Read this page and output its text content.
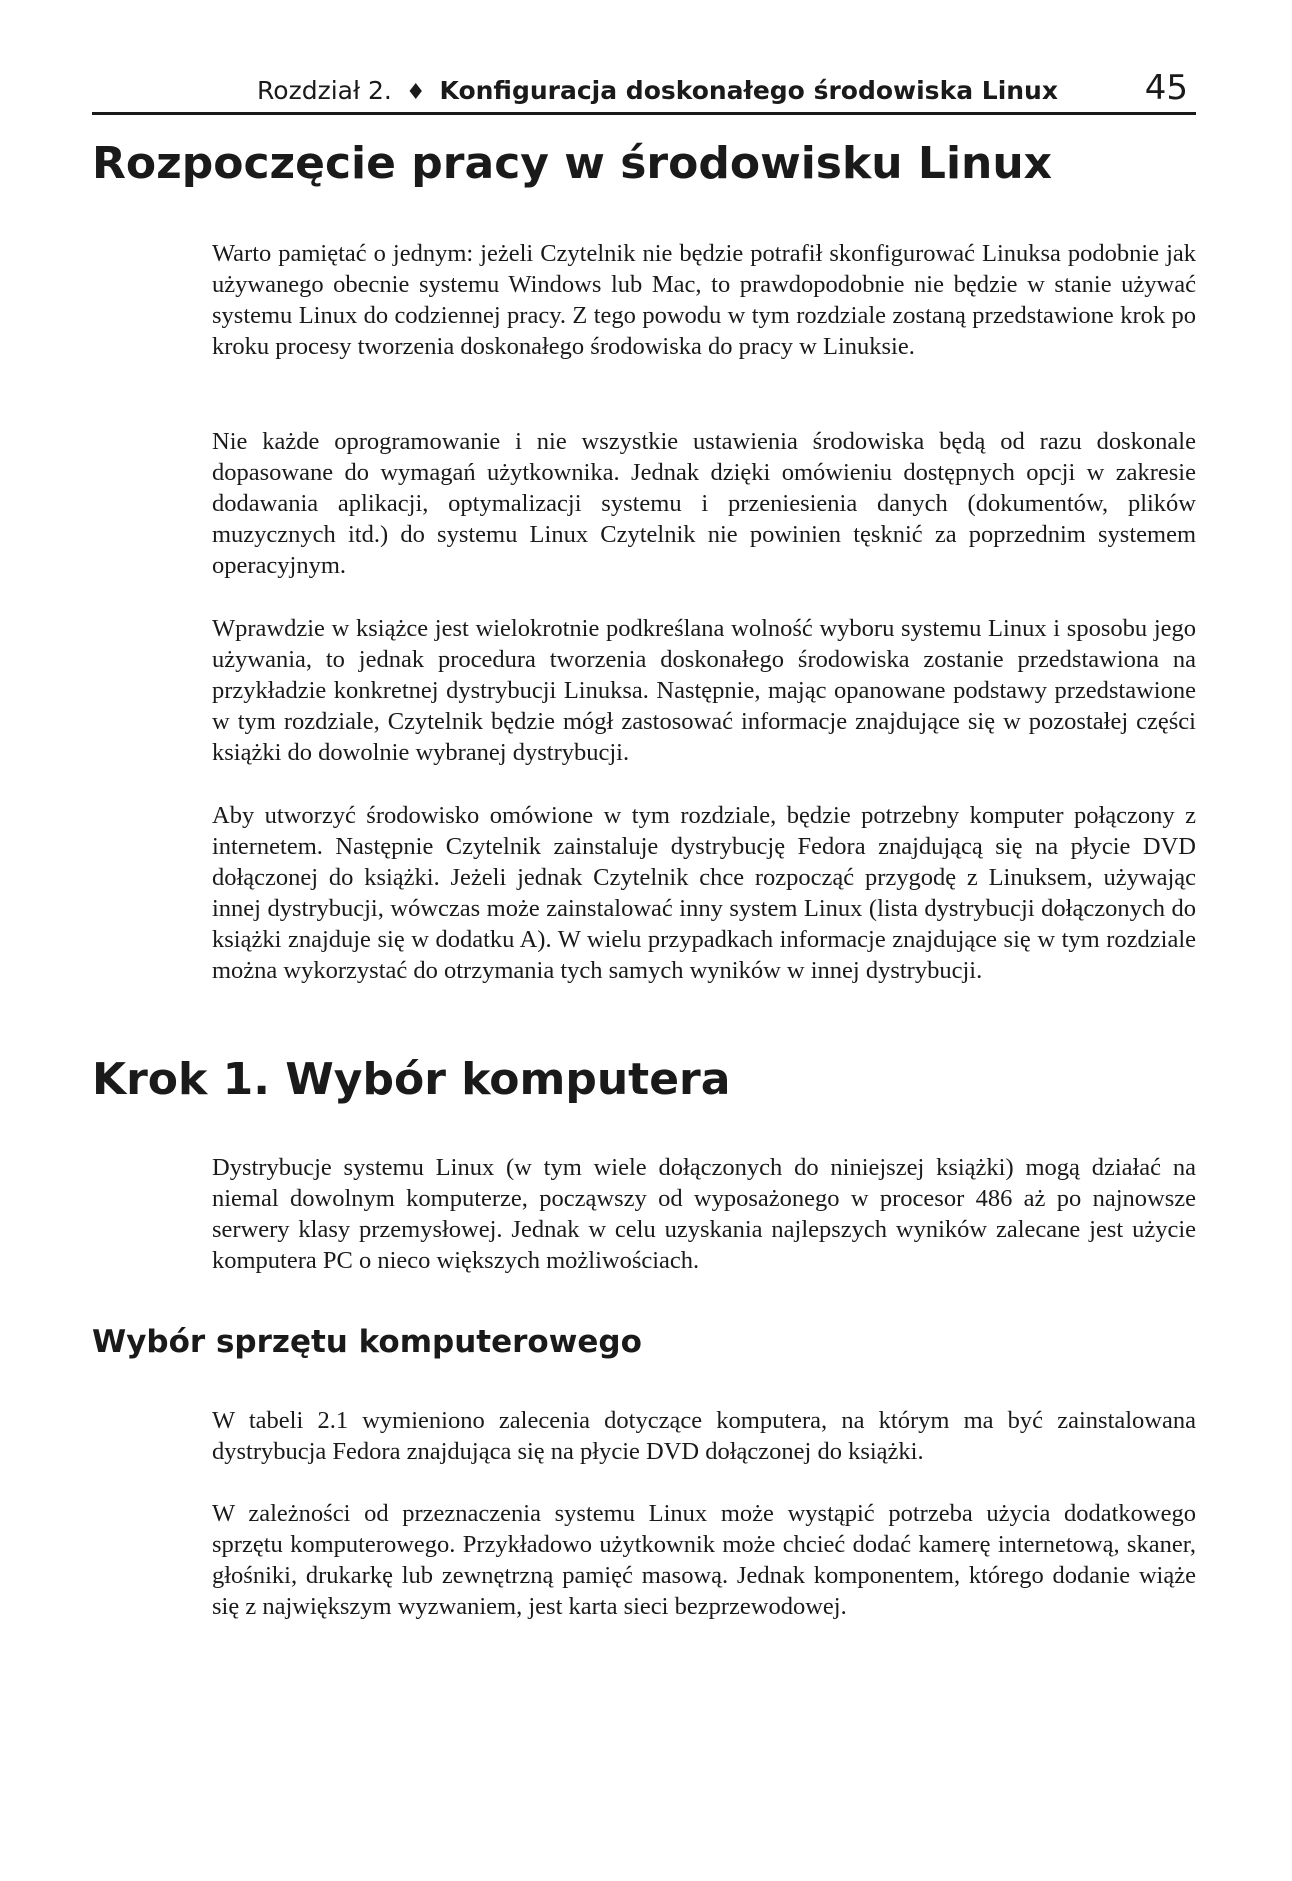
Rozdział 2. ♦ Konfiguracja doskonałego środowiska Linux	45
Rozpoczęcie pracy w środowisku Linux

Warto pamiętać o jednym: jeżeli Czytelnik nie będzie potrafił skonfigurować Linuksa podobnie jak używanego obecnie systemu Windows lub Mac, to prawdopodobnie nie będzie w stanie używać systemu Linux do codziennej pracy. Z tego powodu w tym rozdziale zostaną przedstawione krok po kroku procesy tworzenia doskonałego środowiska do pracy w Linuksie.

Nie każde oprogramowanie i nie wszystkie ustawienia środowiska będą od razu doskonale dopasowane do wymagań użytkownika. Jednak dzięki omówieniu dostępnych opcji w zakresie dodawania aplikacji, optymalizacji systemu i przeniesienia danych (dokumentów, plików muzycznych itd.) do systemu Linux Czytelnik nie powinien tęsknić za poprzednim systemem operacyjnym.

Wprawdzie w książce jest wielokrotnie podkreślana wolność wyboru systemu Linux i sposobu jego używania, to jednak procedura tworzenia doskonałego środowiska zostanie przedstawiona na przykładzie konkretnej dystrybucji Linuksa. Następnie, mając opanowane podstawy przedstawione w tym rozdziale, Czytelnik będzie mógł zastosować informacje znajdujące się w pozostałej części książki do dowolnie wybranej dystrybucji.

Aby utworzyć środowisko omówione w tym rozdziale, będzie potrzebny komputer połączony z internetem. Następnie Czytelnik zainstaluje dystrybucję Fedora znajdującą się na płycie DVD dołączonej do książki. Jeżeli jednak Czytelnik chce rozpocząć przygodę z Linuksem, używając innej dystrybucji, wówczas może zainstalować inny system Linux (lista dystrybucji dołączonych do książki znajduje się w dodatku A). W wielu przypadkach informacje znajdujące się w tym rozdziale można wykorzystać do otrzymania tych samych wyników w innej dystrybucji.

Krok 1. Wybór komputera

Dystrybucje systemu Linux (w tym wiele dołączonych do niniejszej książki) mogą działać na niemal dowolnym komputerze, począwszy od wyposażonego w procesor 486 aż po najnowsze serwery klasy przemysłowej. Jednak w celu uzyskania najlepszych wyników zalecane jest użycie komputera PC o nieco większych możliwościach.

Wybór sprzętu komputerowego

W tabeli 2.1 wymieniono zalecenia dotyczące komputera, na którym ma być zainstalowana dystrybucja Fedora znajdująca się na płycie DVD dołączonej do książki.

W zależności od przeznaczenia systemu Linux może wystąpić potrzeba użycia dodatkowego sprzętu komputerowego. Przykładowo użytkownik może chcieć dodać kamerę internetową, skaner, głośniki, drukarkę lub zewnętrzną pamięć masową. Jednak komponentem, którego dodanie wiąże się z największym wyzwaniem, jest karta sieci bezprzewodowej.
